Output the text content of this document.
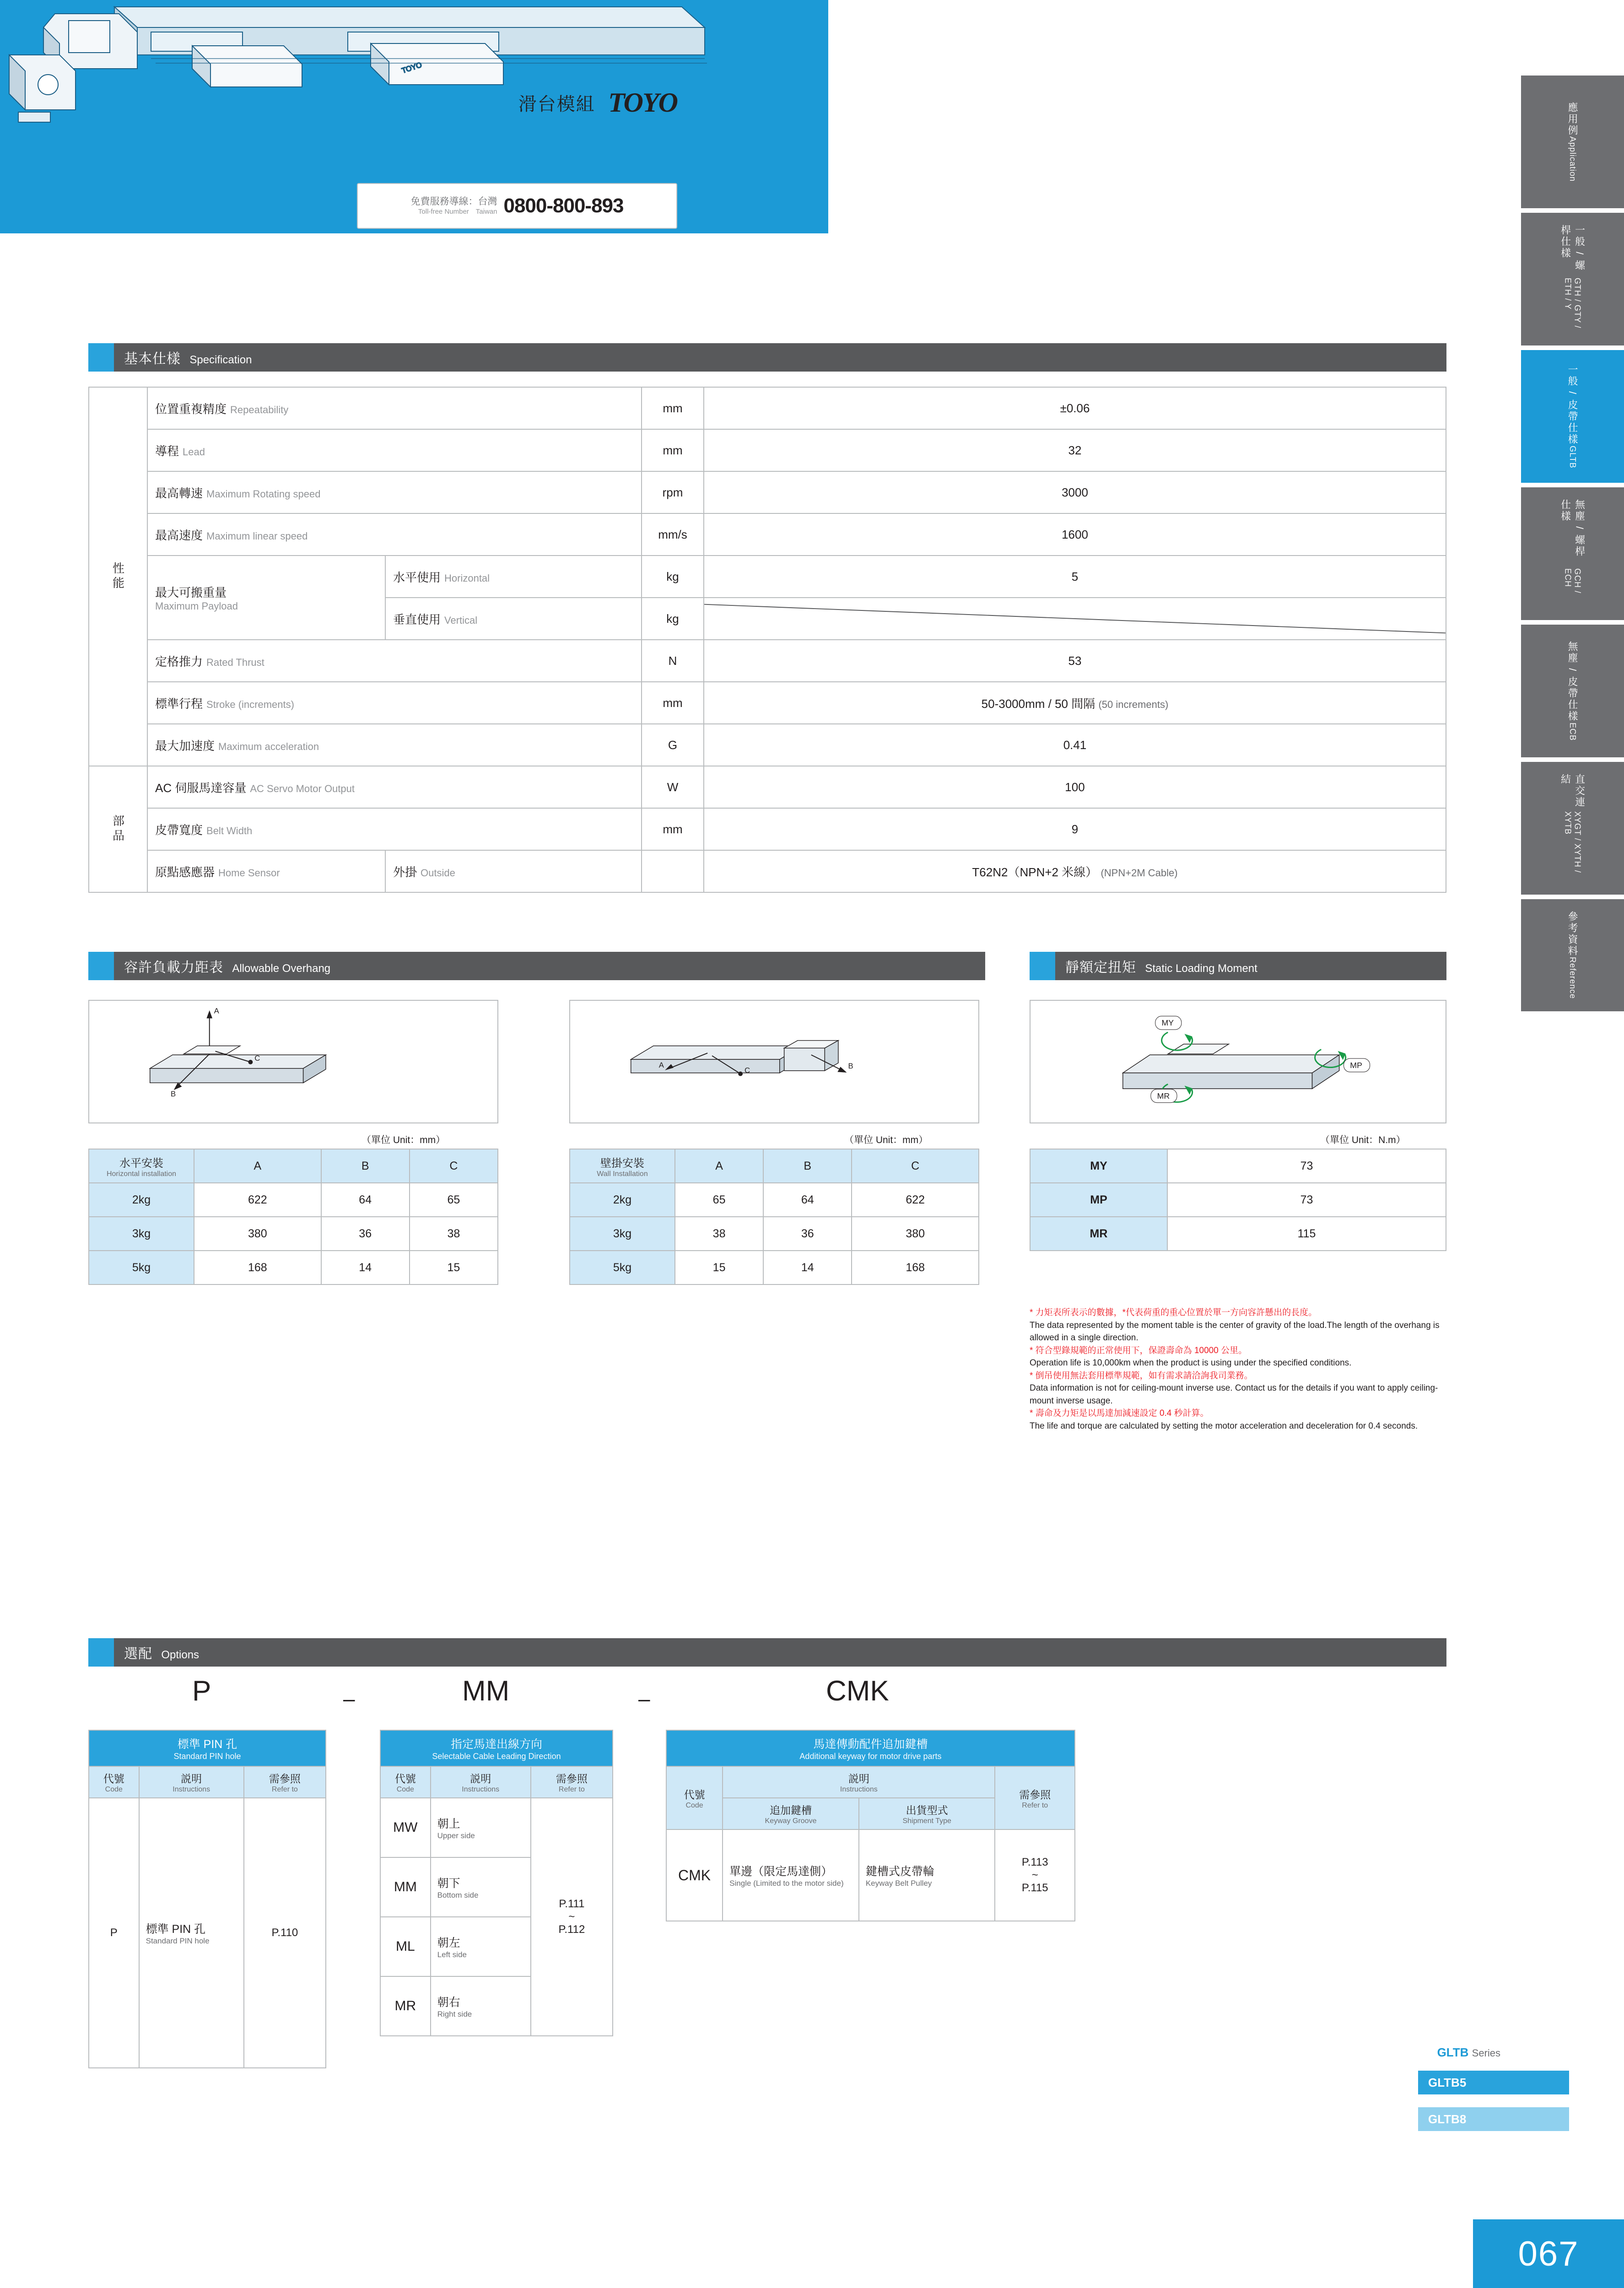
TOYO
滑台模組 TOYO
免費服務導線：台灣
Toll-free Number　Taiwan 0800-800-893
應用例
Application
一般 / 螺桿仕樣
GTH / GTY / ETH / Y
一般 / 皮帶仕樣
GLTB
無塵 / 螺桿仕樣
GCH / ECH
無塵 / 皮帶仕樣
ECB
直交連結
XYGT / XYTH / XYTB
參考資料
Reference
基本仕樣 Specification
性能	位置重複精度 Repeatability		mm	±0.06
	導程 Lead		mm	32
	最高轉速 Maximum Rotating speed		rpm	3000
	最高速度 Maximum linear speed		mm/s	1600

	最大可搬重量
Maximum Payload	水平使用 Horizontal	kg	5
		垂直使用 Vertical	kg	

	定格推力 Rated Thrust		N	53
	標準行程 Stroke (increments)		mm	50-3000mm / 50 間隔 (50 increments)
	最大加速度 Maximum acceleration		G	0.41
部品	AC 伺服馬達容量 AC Servo Motor Output		W	100
	皮帶寬度 Belt Width		mm	9
	原點感應器 Home Sensor	外掛 Outside		T62N2（NPN+2 米線） (NPN+2M Cable)
容許負載力距表 Allowable Overhang	靜額定扭矩 Static Loading Moment
A
B
C
（單位 Unit：mm）
A	B
C
（單位 Unit：mm）
水平安裝
Horizontal installation	A	B	C
2kg	622	64	65
3kg	380	36	38
5kg	168	14	15
壁掛安裝
Wall Installation	A	B	C
2kg	65	64	622
3kg	38	36	380
5kg	15	14	168
MY
MP
MR
（單位 Unit：N.m）
MY	73
MP	73
MR	115
* 力矩表所表示的數據，*代表荷重的重心位置於單一方向容許懸出的長度。
The data represented by the moment table is the center of gravity of the load.The length of the overhang is allowed in a single direction.
* 符合型錄規範的正常使用下，保證壽命為 10000 公里。
Operation life is 10,000km when the product is using under the specified conditions.
* 倒吊使用無法套用標準規範，如有需求請洽詢我司業務。
Data information is not for ceiling-mount inverse use. Contact us for the details if you want to apply ceiling-mount inverse usage.
* 壽命及力矩是以馬達加減速設定 0.4 秒計算。
The life and torque are calculated by setting the motor acceleration and deceleration for 0.4 seconds.
選配 Options
P	–	MM	–	CMK
標準 PIN 孔
Standard PIN hole		

代號
Code	説明
Instructions	需參照
Refer to

P	標準 PIN 孔
Standard PIN hole	P.110
指定馬達出線方向
Selectable Cable Leading Direction		

代號
Code	説明
Instructions	需參照
Refer to

MW	朝上
Upper side

P.111
~
P.112

MM	朝下
Bottom side	

ML	朝左
Left side	

MR	朝右
Right side	
馬達傳動配件追加鍵槽
Additional keyway for motor drive parts			

代號
Code	説明
Instructions		需參照
Refer to

	追加鍵槽
Keyway Groove	出貨型式
Shipment Type	

CMK	單邊（限定馬達側）
Single (Limited to the motor side)
	鍵槽式皮帶輪
Keyway Belt Pulley

P.113
~
P.115
GLTB Series
GLTB5
GLTB8
067
